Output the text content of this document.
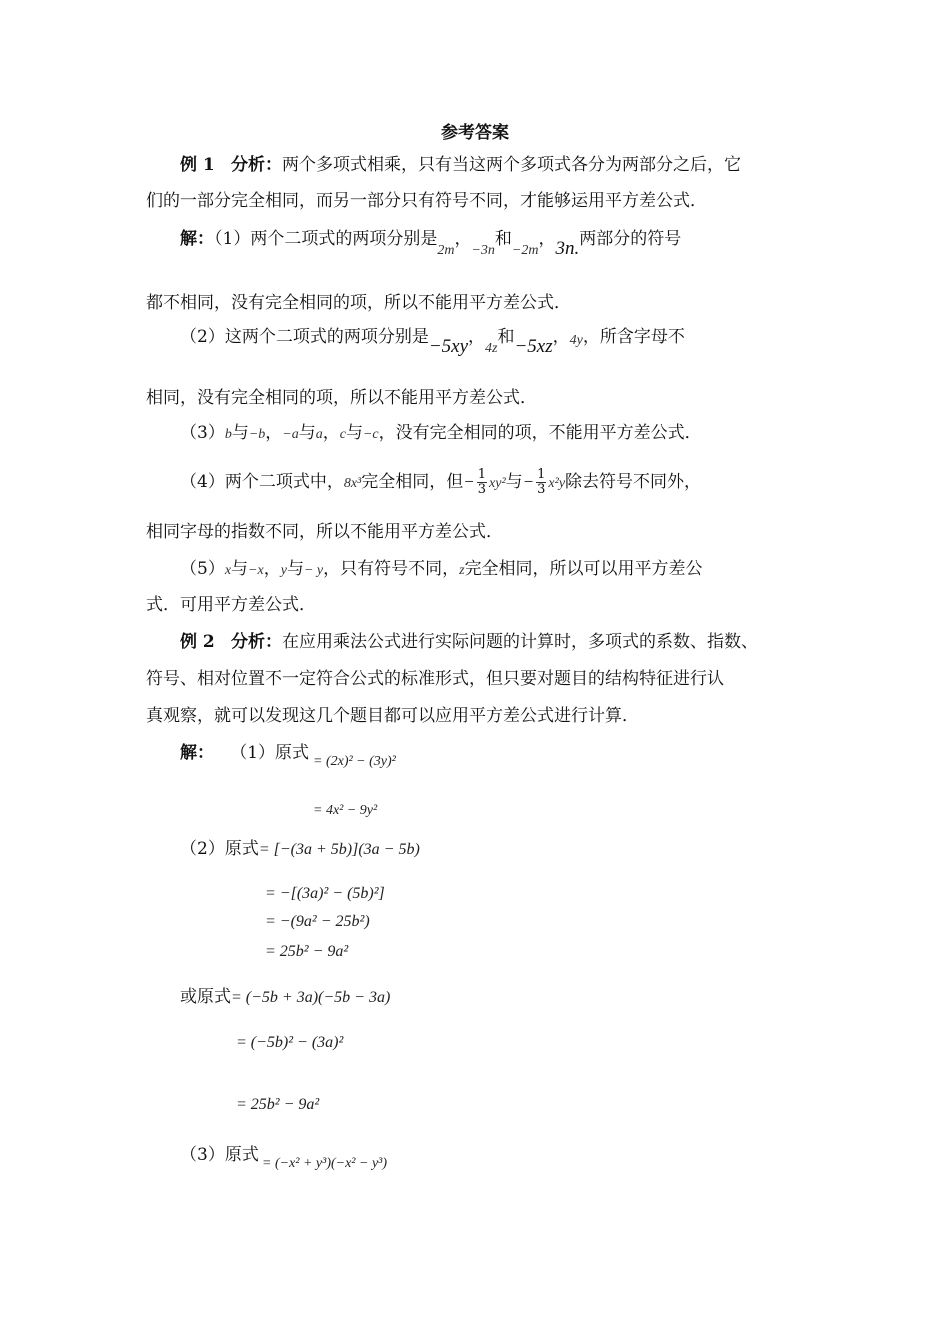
参考答案
例 1 分析：两个多项式相乘，只有当这两个多项式各分为两部分之后，它
们的一部分完全相同，而另一部分只有符号不同，才能够运用平方差公式．
解：（1）两个二项式的两项分别是$_{2m}$，$_{-3n}$和$_{-2m}$，3n.两部分的符号
都不相同，没有完全相同的项，所以不能用平方差公式．
（2）这两个二项式的两项分别是−5xy，$_{4z}$和−5xz，4y，所含字母不
相同，没有完全相同的项，所以不能用平方差公式．
（3）b与−b，−a与a，c与−c，没有完全相同的项，不能用平方差公式．
（4）两个二项式中，8x³完全相同，但− $\frac{1}{3} xy^2$与− $\frac{1}{3} x^2y$除去符号不同外，
相同字母的指数不同，所以不能用平方差公式．
（5）x与−x，y与− y，只有符号不同，z完全相同，所以可以用平方差公
式．可用平方差公式．
例 2 分析：在应用乘法公式进行实际问题的计算时，多项式的系数、指数、
符号、相对位置不一定符合公式的标准形式，但只要对题目的结构特征进行认
真观察，就可以发现这几个题目都可以应用平方差公式进行计算．
解： （1）原式 = (2x)² − (3y)²
= 4x² − 9y²
（2）原式= [−(3a + 5b)](3a − 5b)
= −[(3a)² − (5b)²]
= −(9a² − 25b²)
= 25b² − 9a²
或原式= (−5b + 3a)(−5b − 3a)
= (−5b)² − (3a)²
= 25b² − 9a²
（3）原式 = (−x² + y³)(−x² − y³)
